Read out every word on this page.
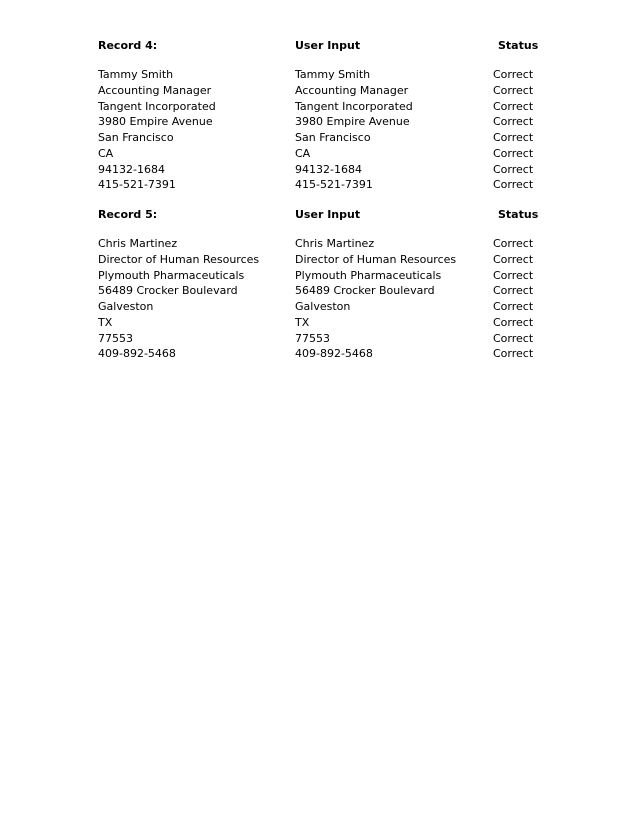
Record 4:	User Input	Status
Tammy Smith	Tammy Smith	Correct
Accounting Manager	Accounting Manager	Correct
Tangent Incorporated	Tangent Incorporated	Correct
3980 Empire Avenue	3980 Empire Avenue	Correct
San Francisco	San Francisco	Correct
CA	CA	Correct
94132-1684	94132-1684	Correct
415-521-7391	415-521-7391	Correct
Record 5:	User Input	Status
Chris Martinez	Chris Martinez	Correct
Director of Human Resources	Director of Human Resources	Correct
Plymouth Pharmaceuticals	Plymouth Pharmaceuticals	Correct
56489 Crocker Boulevard	56489 Crocker Boulevard	Correct
Galveston	Galveston	Correct
TX	TX	Correct
77553	77553	Correct
409-892-5468	409-892-5468	Correct
